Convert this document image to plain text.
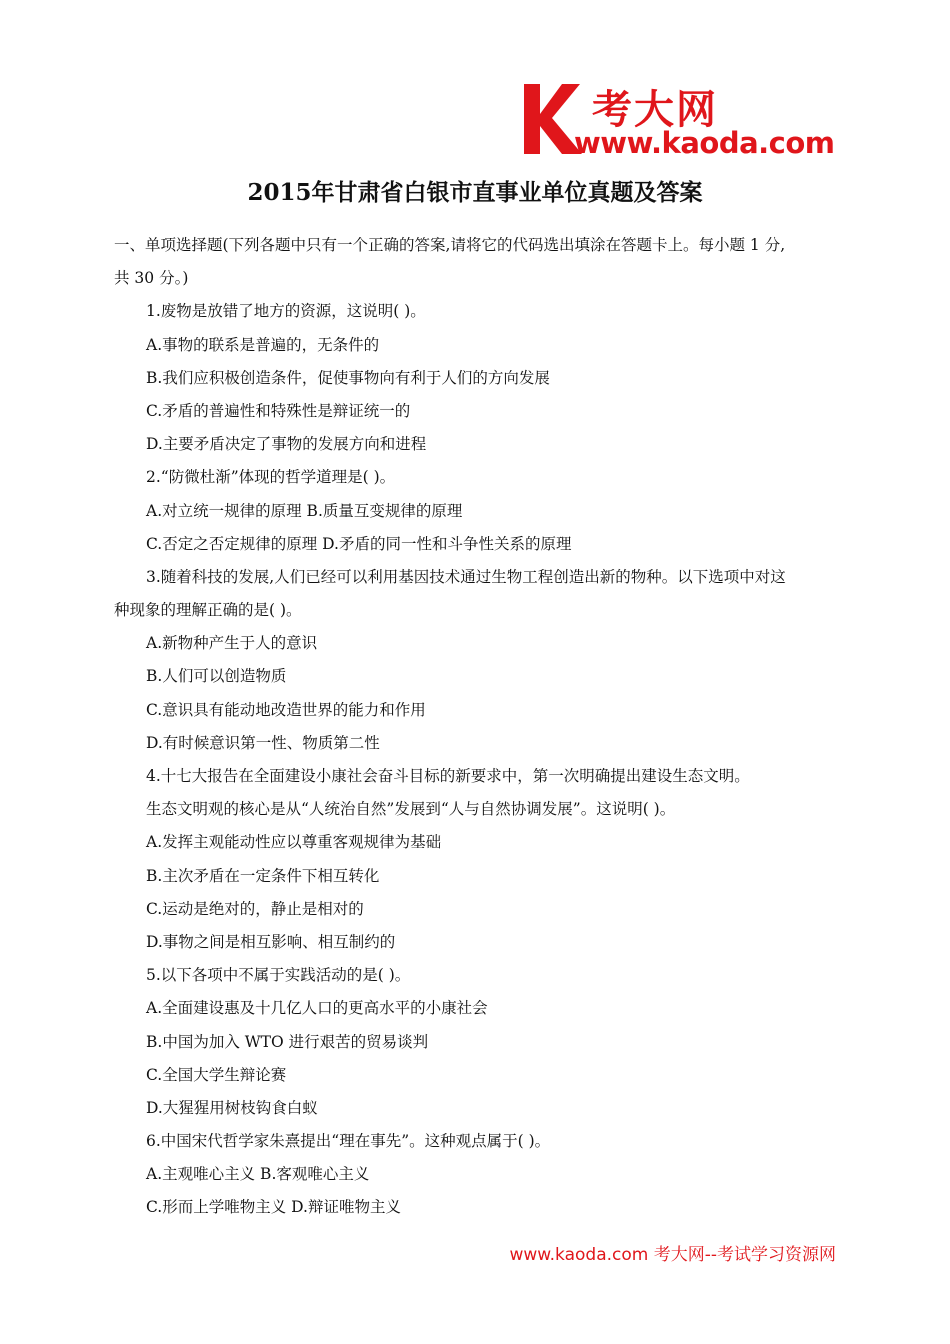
考大网
www.kaoda.com
2015年甘肃省白银市直事业单位真题及答案
一、单项选择题(下列各题中只有一个正确的答案,请将它的代码选出填涂在答题卡上。每小题 1 分,
共 30 分。)
1.废物是放错了地方的资源，这说明( )。
A.事物的联系是普遍的，无条件的
B.我们应积极创造条件，促使事物向有利于人们的方向发展
C.矛盾的普遍性和特殊性是辩证统一的
D.主要矛盾决定了事物的发展方向和进程
2.“防微杜渐”体现的哲学道理是( )。
A.对立统一规律的原理 B.质量互变规律的原理
C.否定之否定规律的原理 D.矛盾的同一性和斗争性关系的原理
3.随着科技的发展,人们已经可以利用基因技术通过生物工程创造出新的物种。以下选项中对这
种现象的理解正确的是( )。
A.新物种产生于人的意识
B.人们可以创造物质
C.意识具有能动地改造世界的能力和作用
D.有时候意识第一性、物质第二性
4.十七大报告在全面建设小康社会奋斗目标的新要求中，第一次明确提出建设生态文明。
生态文明观的核心是从“人统治自然”发展到“人与自然协调发展”。这说明( )。
A.发挥主观能动性应以尊重客观规律为基础
B.主次矛盾在一定条件下相互转化
C.运动是绝对的，静止是相对的
D.事物之间是相互影响、相互制约的
5.以下各项中不属于实践活动的是( )。
A.全面建设惠及十几亿人口的更高水平的小康社会
B.中国为加入 WTO 进行艰苦的贸易谈判
C.全国大学生辩论赛
D.大猩猩用树枝钩食白蚁
6.中国宋代哲学家朱熹提出“理在事先”。这种观点属于( )。
A.主观唯心主义 B.客观唯心主义
C.形而上学唯物主义 D.辩证唯物主义
www.kaoda.com 考大网--考试学习资源网
